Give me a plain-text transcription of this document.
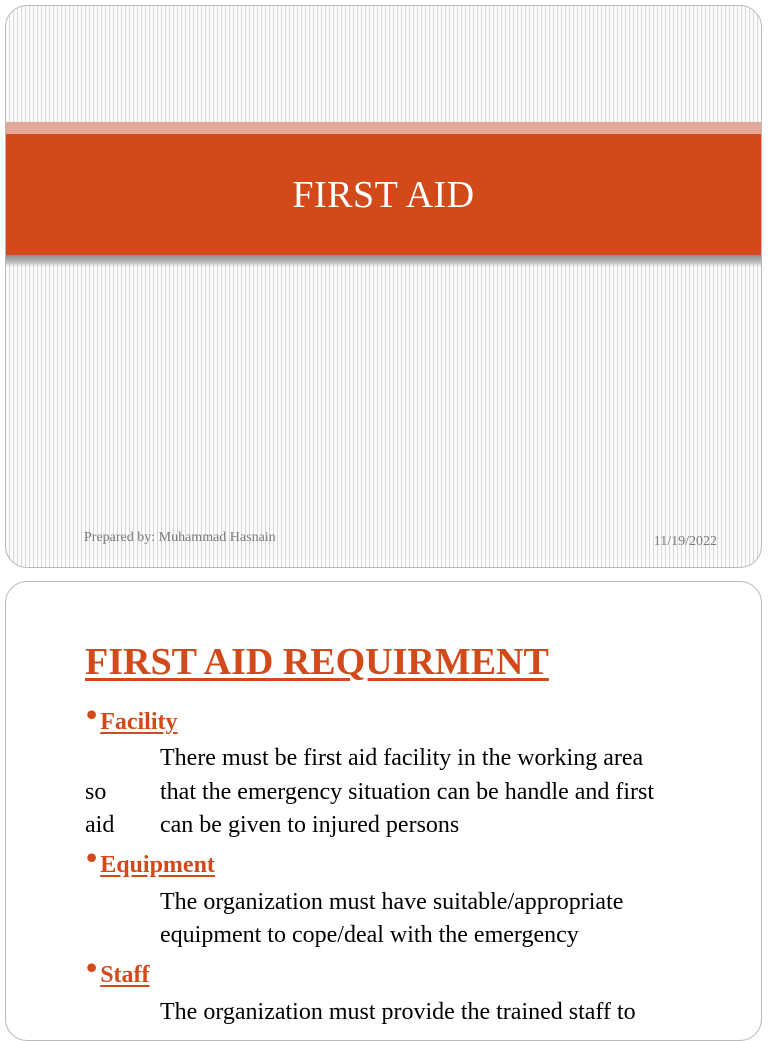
FIRST AID
Prepared by: Muhammad Hasnain	11/19/2022
FIRST AID REQUIRMENT
• Facility
There must be first aid facility in the working area
so that the emergency situation can be handle and first
aid can be given to injured persons
• Equipment
The organization must have suitable/appropriate
equipment to cope/deal with the emergency
• Staff
The organization must provide the trained staff to
